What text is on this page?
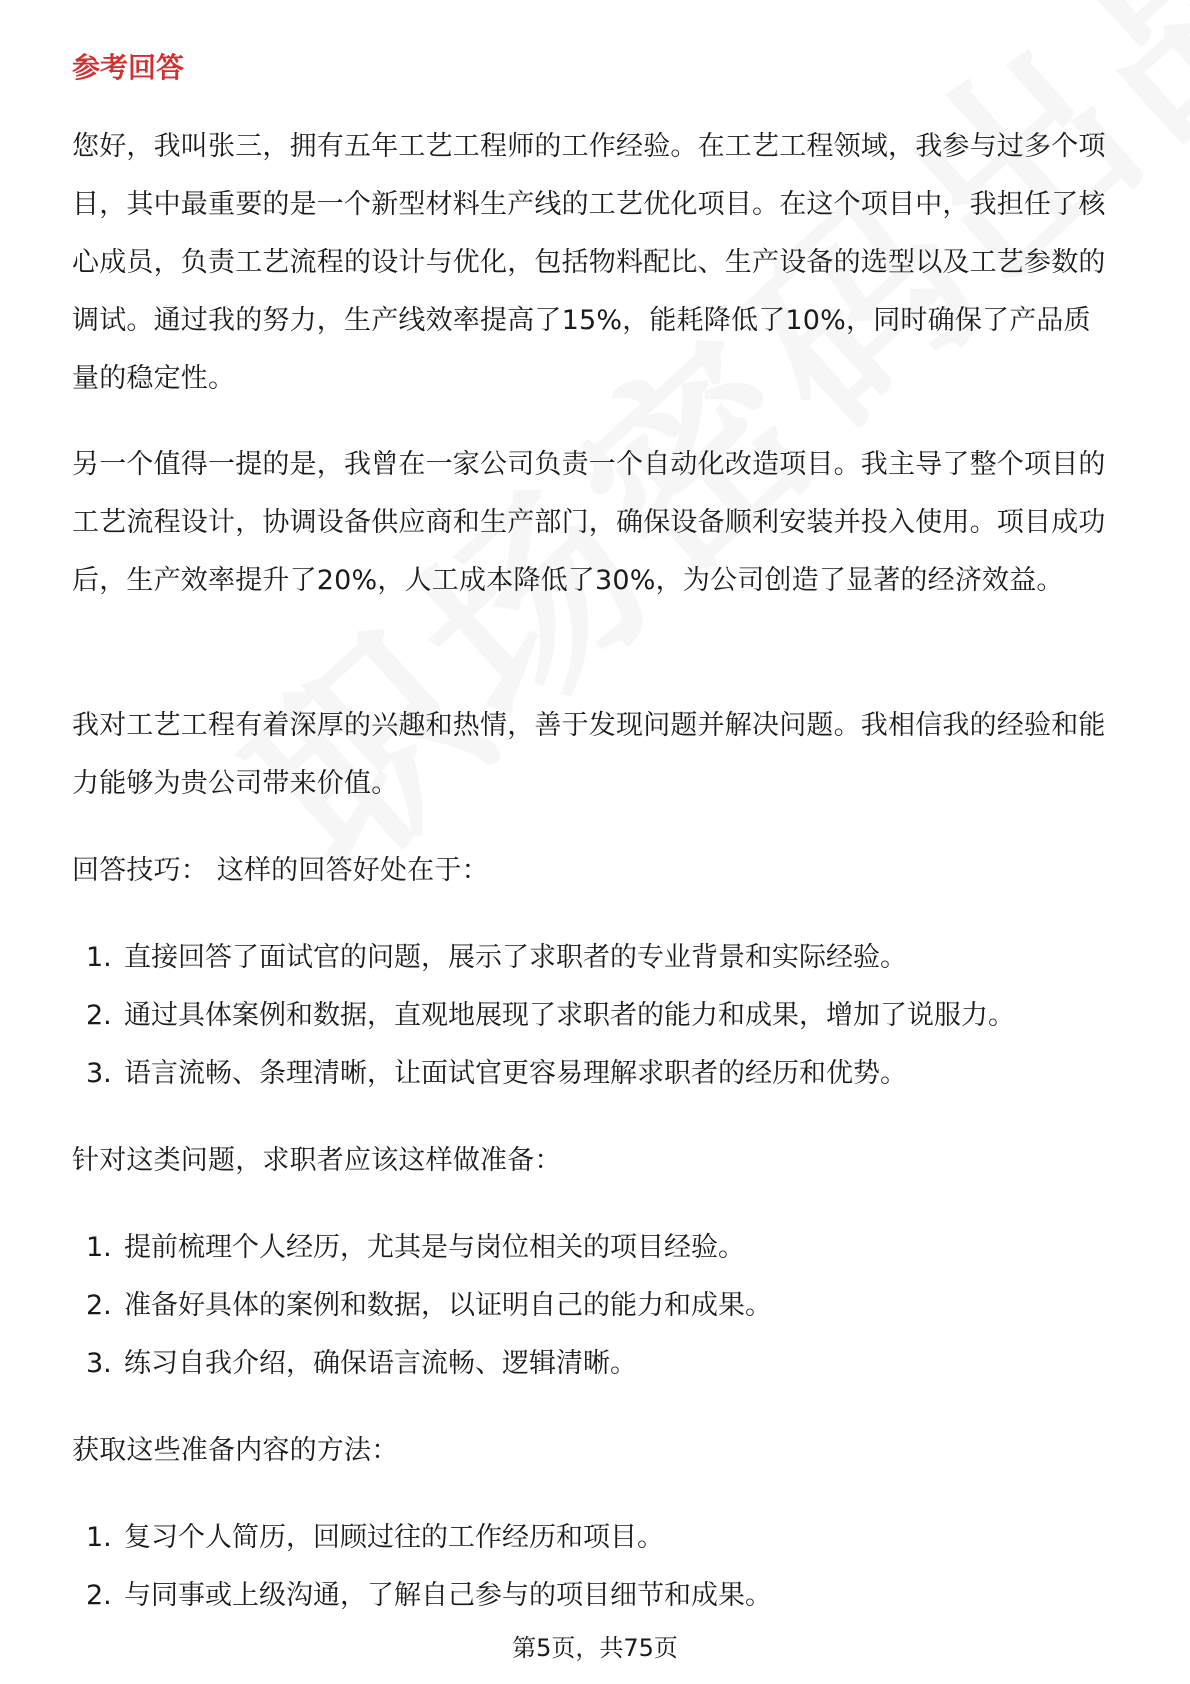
参考回答

您好，我叫张三，拥有五年工艺工程师的工作经验。在工艺工程领域，我参与过多个项目，其中最重要的是一个新型材料生产线的工艺优化项目。在这个项目中，我担任了核心成员，负责工艺流程的设计与优化，包括物料配比、生产设备的选型以及工艺参数的调试。通过我的努力，生产线效率提高了15%，能耗降低了10%，同时确保了产品质量的稳定性。

另一个值得一提的是，我曾在一家公司负责一个自动化改造项目。我主导了整个项目的工艺流程设计，协调设备供应商和生产部门，确保设备顺利安装并投入使用。项目成功后，生产效率提升了20%，人工成本降低了30%，为公司创造了显著的经济效益。

我对工艺工程有着深厚的兴趣和热情，善于发现问题并解决问题。我相信我的经验和能力能够为贵公司带来价值。

回答技巧： 这样的回答好处在于：

1. 直接回答了面试官的问题，展示了求职者的专业背景和实际经验。
2. 通过具体案例和数据，直观地展现了求职者的能力和成果，增加了说服力。
3. 语言流畅、条理清晰，让面试官更容易理解求职者的经历和优势。

针对这类问题，求职者应该这样做准备：

1. 提前梳理个人经历，尤其是与岗位相关的项目经验。
2. 准备好具体的案例和数据，以证明自己的能力和成果。
3. 练习自我介绍，确保语言流畅、逻辑清晰。

获取这些准备内容的方法：

1. 复习个人简历，回顾过往的工作经历和项目。
2. 与同事或上级沟通，了解自己参与的项目细节和成果。
第5页，共75页
